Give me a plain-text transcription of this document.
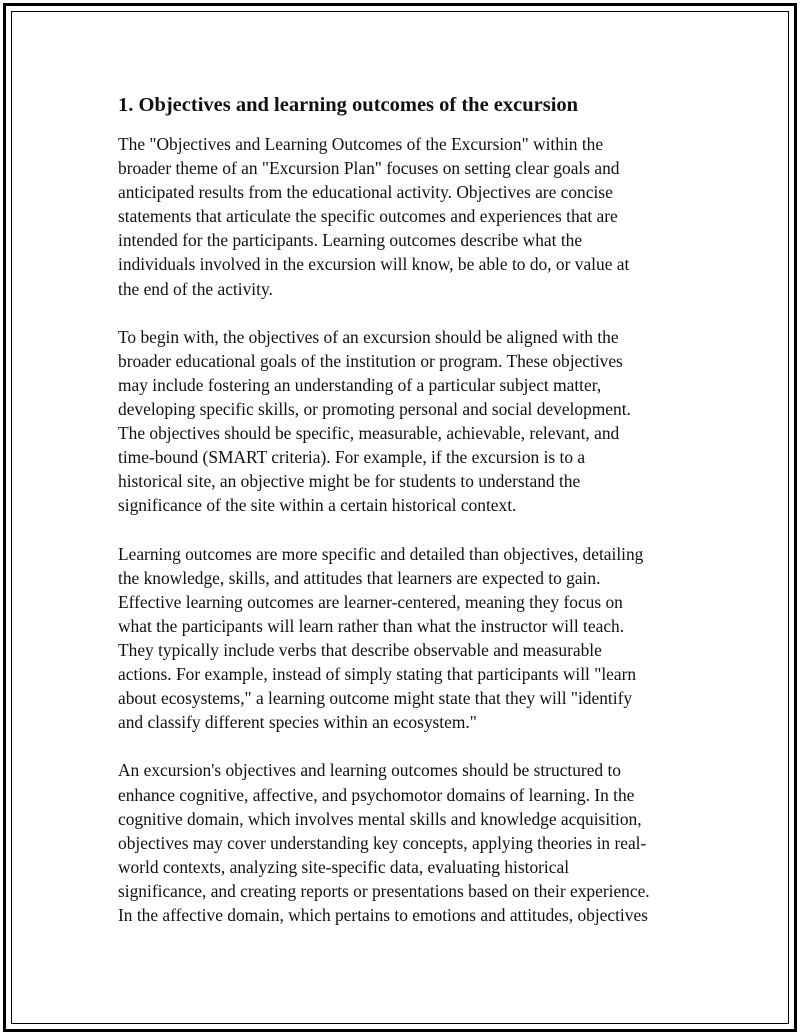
1. Objectives and learning outcomes of the excursion

The "Objectives and Learning Outcomes of the Excursion" within the
broader theme of an "Excursion Plan" focuses on setting clear goals and
anticipated results from the educational activity. Objectives are concise
statements that articulate the specific outcomes and experiences that are
intended for the participants. Learning outcomes describe what the
individuals involved in the excursion will know, be able to do, or value at
the end of the activity.

To begin with, the objectives of an excursion should be aligned with the
broader educational goals of the institution or program. These objectives
may include fostering an understanding of a particular subject matter,
developing specific skills, or promoting personal and social development.
The objectives should be specific, measurable, achievable, relevant, and
time-bound (SMART criteria). For example, if the excursion is to a
historical site, an objective might be for students to understand the
significance of the site within a certain historical context.

Learning outcomes are more specific and detailed than objectives, detailing
the knowledge, skills, and attitudes that learners are expected to gain.
Effective learning outcomes are learner-centered, meaning they focus on
what the participants will learn rather than what the instructor will teach.
They typically include verbs that describe observable and measurable
actions. For example, instead of simply stating that participants will "learn
about ecosystems," a learning outcome might state that they will "identify
and classify different species within an ecosystem."

An excursion's objectives and learning outcomes should be structured to
enhance cognitive, affective, and psychomotor domains of learning. In the
cognitive domain, which involves mental skills and knowledge acquisition,
objectives may cover understanding key concepts, applying theories in real-
world contexts, analyzing site-specific data, evaluating historical
significance, and creating reports or presentations based on their experience.
In the affective domain, which pertains to emotions and attitudes, objectives
